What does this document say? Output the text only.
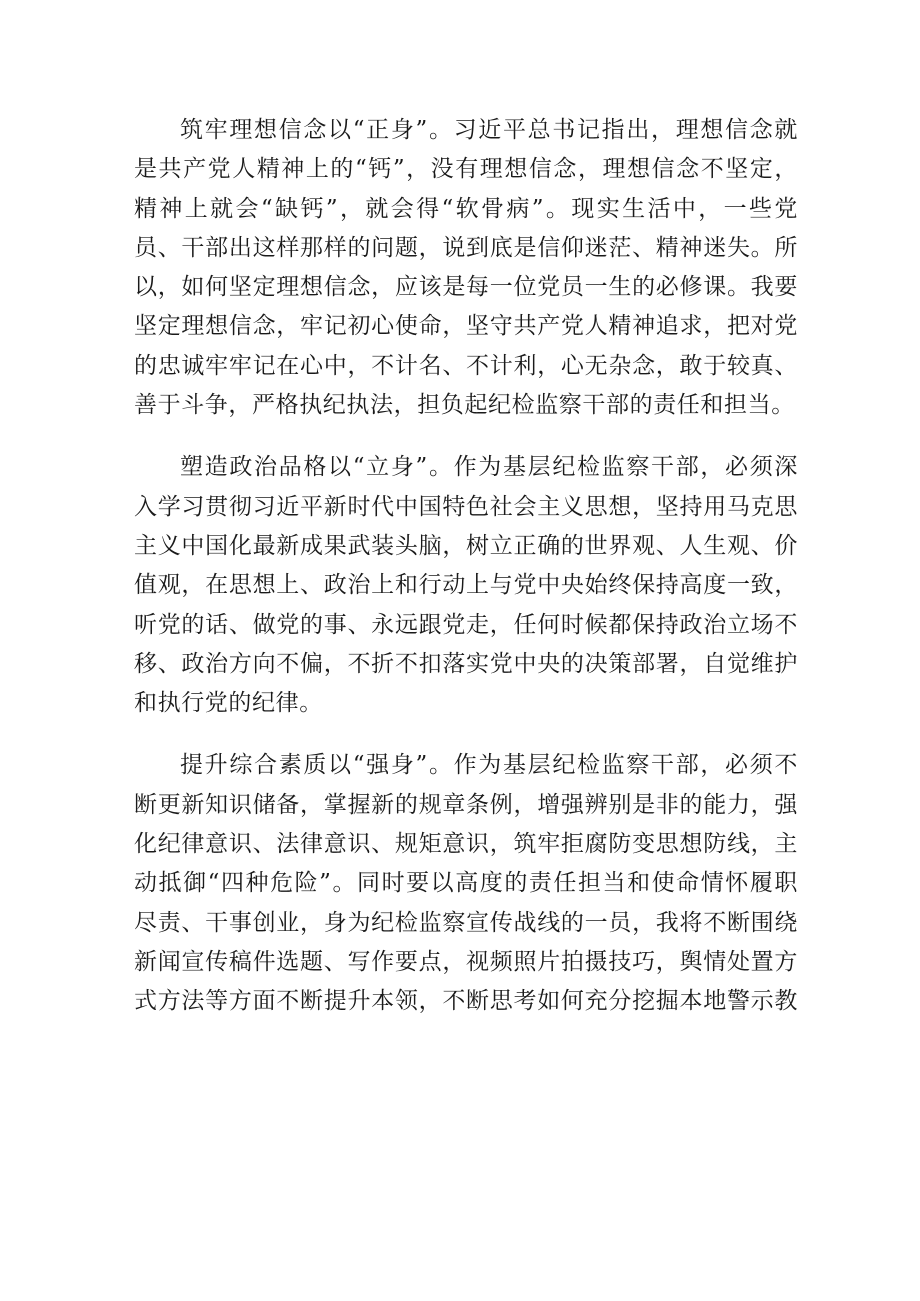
筑牢理想信念以“正身”。习近平总书记指出，理想信念就
是共产党人精神上的“钙”，没有理想信念，理想信念不坚定，
精神上就会“缺钙”，就会得“软骨病”。现实生活中，一些党
员、干部出这样那样的问题，说到底是信仰迷茫、精神迷失。所
以，如何坚定理想信念，应该是每一位党员一生的必修课。我要
坚定理想信念，牢记初心使命，坚守共产党人精神追求，把对党
的忠诚牢牢记在心中，不计名、不计利，心无杂念，敢于较真、
善于斗争，严格执纪执法，担负起纪检监察干部的责任和担当。

塑造政治品格以“立身”。作为基层纪检监察干部，必须深
入学习贯彻习近平新时代中国特色社会主义思想，坚持用马克思
主义中国化最新成果武装头脑，树立正确的世界观、人生观、价
值观，在思想上、政治上和行动上与党中央始终保持高度一致，
听党的话、做党的事、永远跟党走，任何时候都保持政治立场不
移、政治方向不偏，不折不扣落实党中央的决策部署，自觉维护
和执行党的纪律。

提升综合素质以“强身”。作为基层纪检监察干部，必须不
断更新知识储备，掌握新的规章条例，增强辨别是非的能力，强
化纪律意识、法律意识、规矩意识，筑牢拒腐防变思想防线，主
动抵御“四种危险”。同时要以高度的责任担当和使命情怀履职
尽责、干事创业，身为纪检监察宣传战线的一员，我将不断围绕
新闻宣传稿件选题、写作要点，视频照片拍摄技巧，舆情处置方
式方法等方面不断提升本领，不断思考如何充分挖掘本地警示教
